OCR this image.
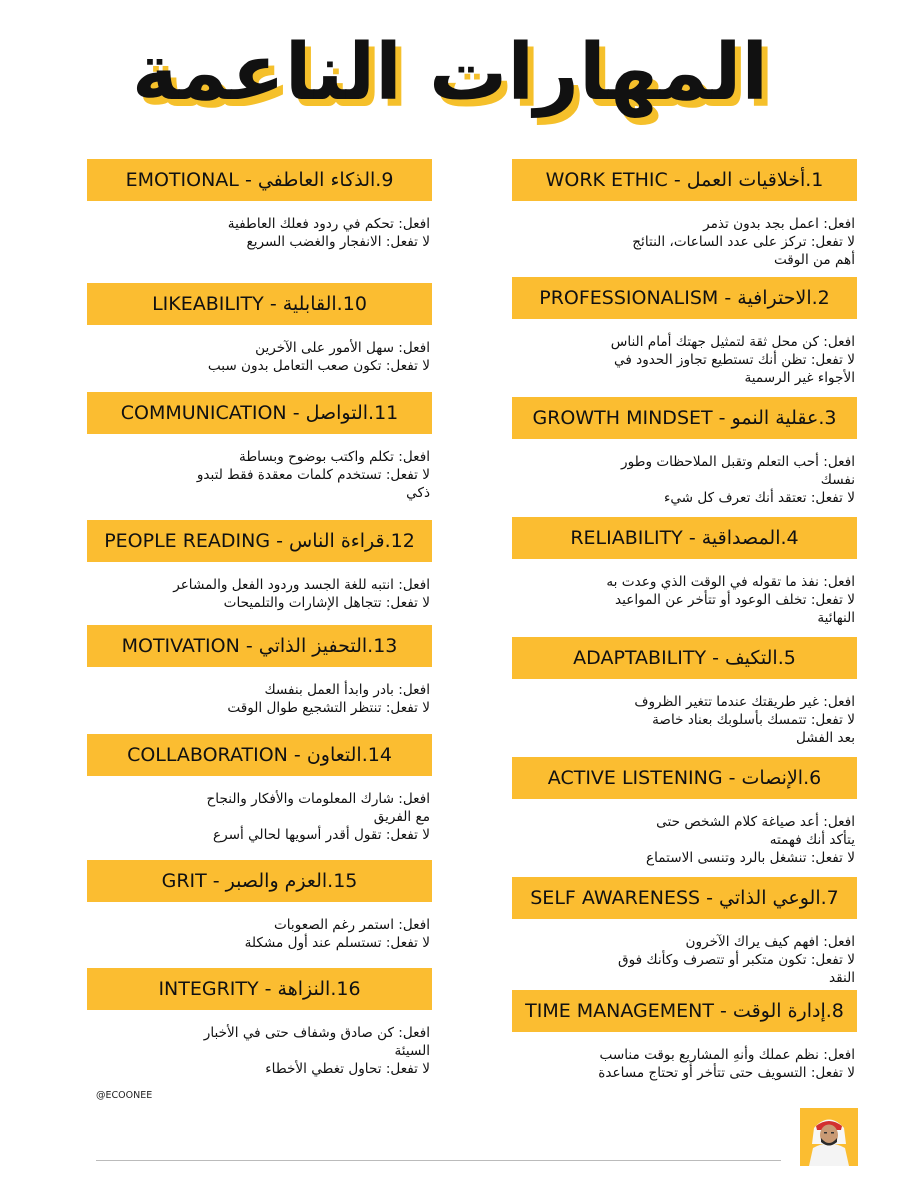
المهارات الناعمة
1.أخلاقيات العمل - WORK ETHIC
افعل: اعمل بجد بدون تذمر
لا تفعل: تركز على عدد الساعات، النتائج
أهم من الوقت
2.الاحترافية - PROFESSIONALISM
افعل: كن محل ثقة لتمثيل جهتك أمام الناس
لا تفعل: تظن أنك تستطيع تجاوز الحدود في
الأجواء غير الرسمية
3.عقلية النمو - GROWTH MINDSET
افعل: أحب التعلم وتقبل الملاحظات وطور
نفسك
لا تفعل: تعتقد أنك تعرف كل شيء
4.المصداقية - RELIABILITY
افعل: نفذ ما تقوله في الوقت الذي وعدت به
لا تفعل: تخلف الوعود أو تتأخر عن المواعيد
النهائية
5.التكيف - ADAPTABILITY
افعل: غير طريقتك عندما تتغير الظروف
لا تفعل: تتمسك بأسلوبك بعناد خاصة
بعد الفشل
6.الإنصات - ACTIVE LISTENING
افعل: أعد صياغة كلام الشخص حتى
يتأكد أنك فهمته
لا تفعل: تنشغل بالرد وتنسى الاستماع
7.الوعي الذاتي - SELF AWARENESS
افعل: افهم كيف يراك الآخرون
لا تفعل: تكون متكبر أو تتصرف وكأنك فوق
النقد
8.إدارة الوقت - TIME MANAGEMENT
افعل: نظم عملك وأنهِ المشاريع بوقت مناسب
لا تفعل: التسويف حتى تتأخر أو تحتاج مساعدة
9.الذكاء العاطفي - EMOTIONAL
افعل: تحكم في ردود فعلك العاطفية
لا تفعل: الانفجار والغضب السريع
10.القابلية - LIKEABILITY
افعل: سهل الأمور على الآخرين
لا تفعل: تكون صعب التعامل بدون سبب
11.التواصل - COMMUNICATION
افعل: تكلم واكتب بوضوح وبساطة
لا تفعل: تستخدم كلمات معقدة فقط لتبدو
ذكي
12.قراءة الناس - PEOPLE READING
افعل: انتبه للغة الجسد وردود الفعل والمشاعر
لا تفعل: تتجاهل الإشارات والتلميحات
13.التحفيز الذاتي - MOTIVATION
افعل: بادر وابدأ العمل بنفسك
لا تفعل: تنتظر التشجيع طوال الوقت
14.التعاون - COLLABORATION
افعل: شارك المعلومات والأفكار والنجاح
مع الفريق
لا تفعل: تقول أقدر أسويها لحالي أسرع
15.العزم والصبر - GRIT
افعل: استمر رغم الصعوبات
لا تفعل: تستسلم عند أول مشكلة
16.النزاهة - INTEGRITY
افعل: كن صادق وشفاف حتى في الأخبار
السيئة
لا تفعل: تحاول تغطي الأخطاء
@ECOONEE
